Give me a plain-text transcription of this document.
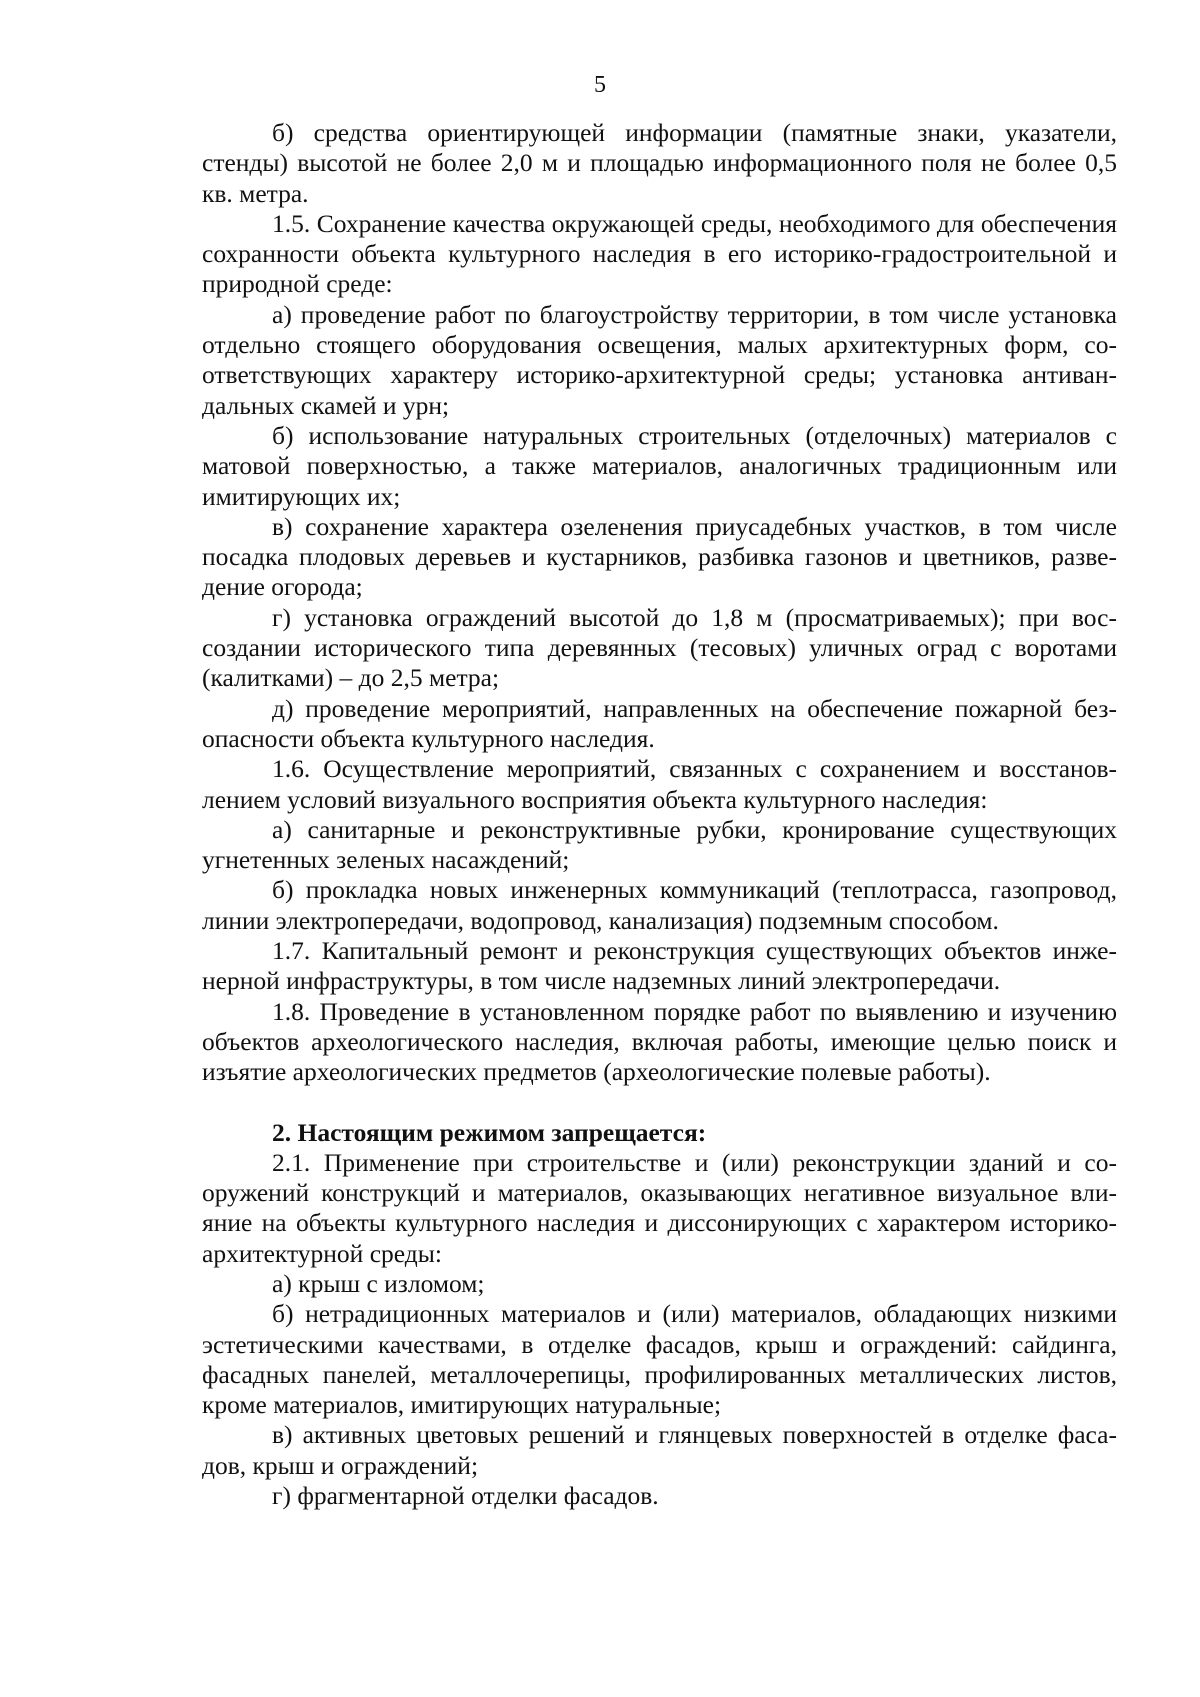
5

б) средства ориентирующей информации (памятные знаки, указатели, стенды) высотой не более 2,0 м и площадью информационного поля не более 0,5 кв. метра.

1.5. Сохранение качества окружающей среды, необходимого для обеспечения сохранности объекта культурного наследия в его историко-градостроительной и природной среде:

а) проведение работ по благоустройству территории, в том числе установка отдельно стоящего оборудования освещения, малых архитектурных форм, соответствующих характеру историко-архитектурной среды; установка антивандальных скамей и урн;

б) использование натуральных строительных (отделочных) материалов с матовой поверхностью, а также материалов, аналогичных традиционным или имитирующих их;

в) сохранение характера озеленения приусадебных участков, в том числе посадка плодовых деревьев и кустарников, разбивка газонов и цветников, разведение огорода;

г) установка ограждений высотой до 1,8 м (просматриваемых); при воссоздании исторического типа деревянных (тесовых) уличных оград с воротами (калитками) – до 2,5 метра;

д) проведение мероприятий, направленных на обеспечение пожарной безопасности объекта культурного наследия.

1.6. Осуществление мероприятий, связанных с сохранением и восстановлением условий визуального восприятия объекта культурного наследия:

а) санитарные и реконструктивные рубки, кронирование существующих угнетенных зеленых насаждений;

б) прокладка новых инженерных коммуникаций (теплотрасса, газопровод, линии электропередачи, водопровод, канализация) подземным способом.

1.7. Капитальный ремонт и реконструкция существующих объектов инженерной инфраструктуры, в том числе надземных линий электропередачи.

1.8. Проведение в установленном порядке работ по выявлению и изучению объектов археологического наследия, включая работы, имеющие целью поиск и изъятие археологических предметов (археологические полевые работы).

2. Настоящим режимом запрещается:

2.1. Применение при строительстве и (или) реконструкции зданий и сооружений конструкций и материалов, оказывающих негативное визуальное влияние на объекты культурного наследия и диссонирующих с характером историко-архитектурной среды:

а) крыш с изломом;

б) нетрадиционных материалов и (или) материалов, обладающих низкими эстетическими качествами, в отделке фасадов, крыш и ограждений: сайдинга, фасадных панелей, металлочерепицы, профилированных металлических листов, кроме материалов, имитирующих натуральные;

в) активных цветовых решений и глянцевых поверхностей в отделке фасадов, крыш и ограждений;

г) фрагментарной отделки фасадов.
